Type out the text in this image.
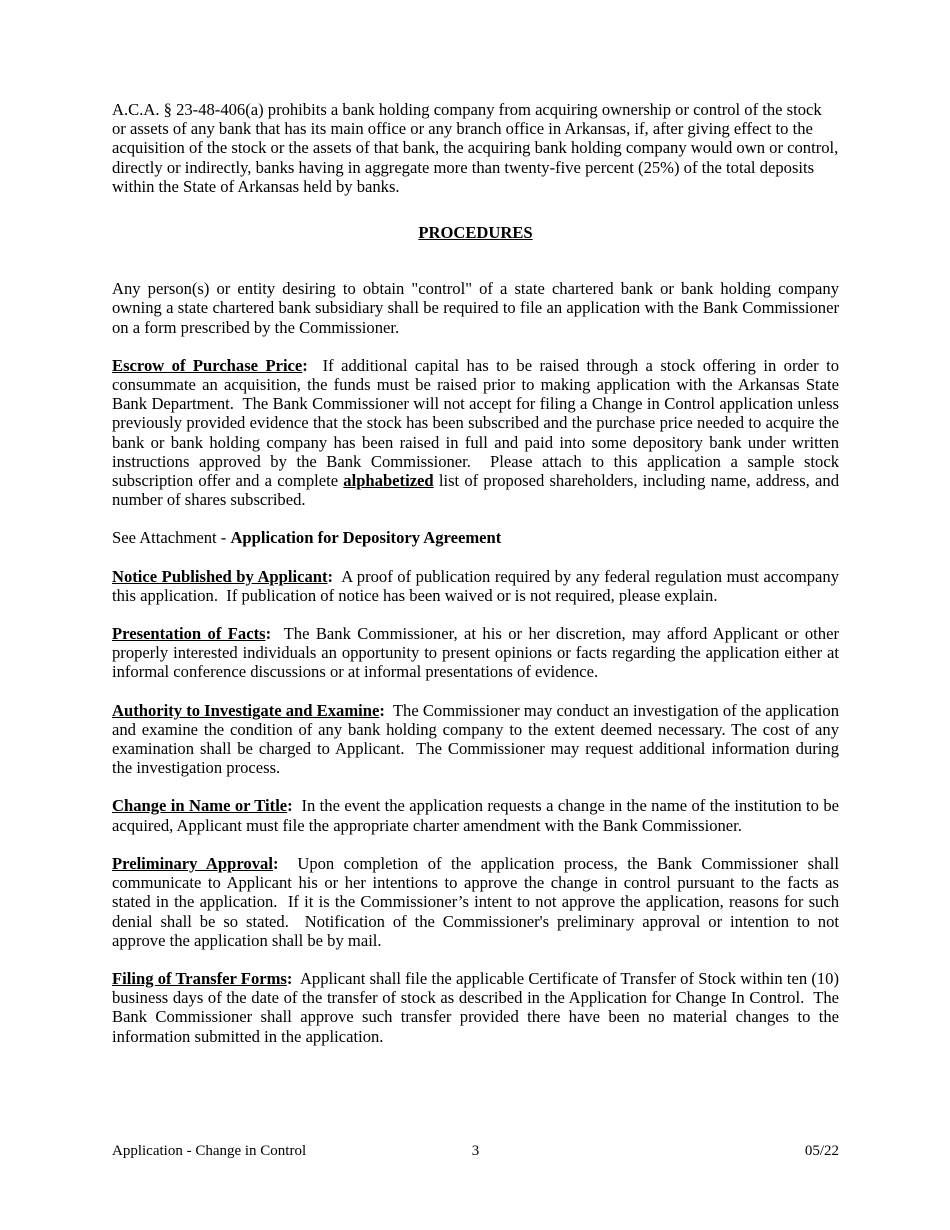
A.C.A. § 23-48-406(a) prohibits a bank holding company from acquiring ownership or control of the stock or assets of any bank that has its main office or any branch office in Arkansas, if, after giving effect to the acquisition of the stock or the assets of that bank, the acquiring bank holding company would own or control, directly or indirectly, banks having in aggregate more than twenty-five percent (25%) of the total deposits within the State of Arkansas held by banks.

PROCEDURES

Any person(s) or entity desiring to obtain "control" of a state chartered bank or bank holding company owning a state chartered bank subsidiary shall be required to file an application with the Bank Commissioner on a form prescribed by the Commissioner.

Escrow of Purchase Price:  If additional capital has to be raised through a stock offering in order to consummate an acquisition, the funds must be raised prior to making application with the Arkansas State Bank Department.  The Bank Commissioner will not accept for filing a Change in Control application unless previously provided evidence that the stock has been subscribed and the purchase price needed to acquire the bank or bank holding company has been raised in full and paid into some depository bank under written instructions approved by the Bank Commissioner.  Please attach to this application a sample stock subscription offer and a complete alphabetized list of proposed shareholders, including name, address, and number of shares subscribed.

See Attachment - Application for Depository Agreement

Notice Published by Applicant:  A proof of publication required by any federal regulation must accompany this application.  If publication of notice has been waived or is not required, please explain.

Presentation of Facts:  The Bank Commissioner, at his or her discretion, may afford Applicant or other properly interested individuals an opportunity to present opinions or facts regarding the application either at informal conference discussions or at informal presentations of evidence.

Authority to Investigate and Examine:  The Commissioner may conduct an investigation of the application and examine the condition of any bank holding company to the extent deemed necessary. The cost of any examination shall be charged to Applicant.  The Commissioner may request additional information during the investigation process.

Change in Name or Title:  In the event the application requests a change in the name of the institution to be acquired, Applicant must file the appropriate charter amendment with the Bank Commissioner.

Preliminary Approval:  Upon completion of the application process, the Bank Commissioner shall communicate to Applicant his or her intentions to approve the change in control pursuant to the facts as stated in the application.  If it is the Commissioner’s intent to not approve the application, reasons for such denial shall be so stated.  Notification of the Commissioner's preliminary approval or intention to not approve the application shall be by mail.

Filing of Transfer Forms:  Applicant shall file the applicable Certificate of Transfer of Stock within ten (10) business days of the date of the transfer of stock as described in the Application for Change In Control.  The Bank Commissioner shall approve such transfer provided there have been no material changes to the information submitted in the application.

Application - Change in Control	3	05/22
